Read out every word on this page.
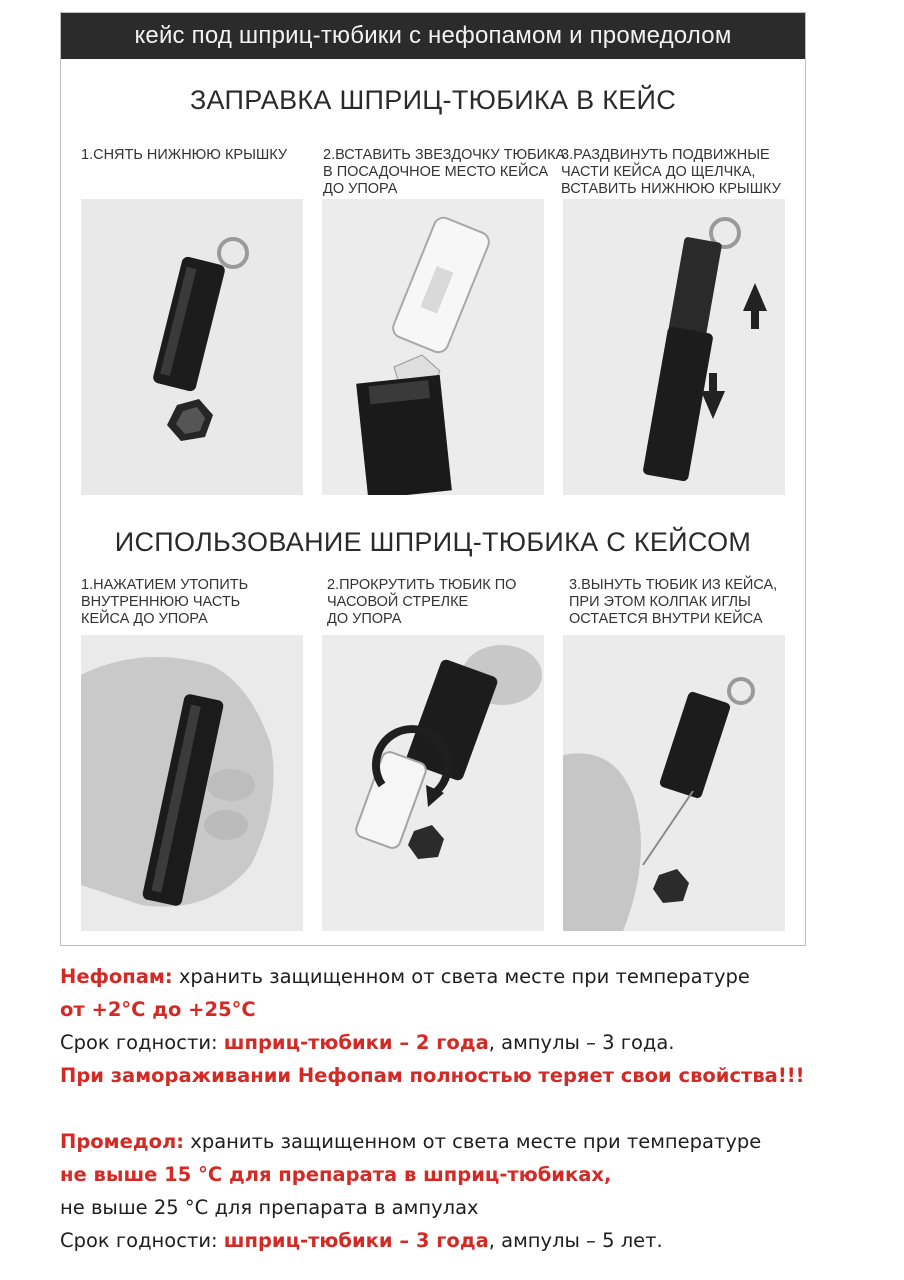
кейс под шприц-тюбики с нефопамом и промедолом
ЗАПРАВКА ШПРИЦ-ТЮБИКА В КЕЙС
1.СНЯТЬ НИЖНЮЮ КРЫШКУ 2.ВСТАВИТЬ ЗВЕЗДОЧКУ ТЮБИКА
В ПОСАДОЧНОЕ МЕСТО КЕЙСА
ДО УПОРА
3.РАЗДВИНУТЬ ПОДВИЖНЫЕ
ЧАСТИ КЕЙСА ДО ЩЕЛЧКА,
ВСТАВИТЬ НИЖНЮЮ КРЫШКУ
ИСПОЛЬЗОВАНИЕ ШПРИЦ-ТЮБИКА С КЕЙСОМ
1.НАЖАТИЕМ УТОПИТЬ
ВНУТРЕННЮЮ ЧАСТЬ
КЕЙСА ДО УПОРА
2.ПРОКРУТИТЬ ТЮБИК ПО
ЧАСОВОЙ СТРЕЛКЕ
ДО УПОРА
3.ВЫНУТЬ ТЮБИК ИЗ КЕЙСА,
ПРИ ЭТОМ КОЛПАК ИГЛЫ
ОСТАЕТСЯ ВНУТРИ КЕЙСА
Нефопам: хранить защищенном от света месте при температуре
от +2°С до +25°С
Срок годности: шприц-тюбики – 2 года, ампулы – 3 года.
При замораживании Нефопам полностью теряет свои свойства!!!
Промедол: хранить защищенном от света месте при температуре
не выше 15 °С для препарата в шприц-тюбиках,
не выше 25 °С для препарата в ампулах
Срок годности: шприц-тюбики – 3 года, ампулы – 5 лет.
